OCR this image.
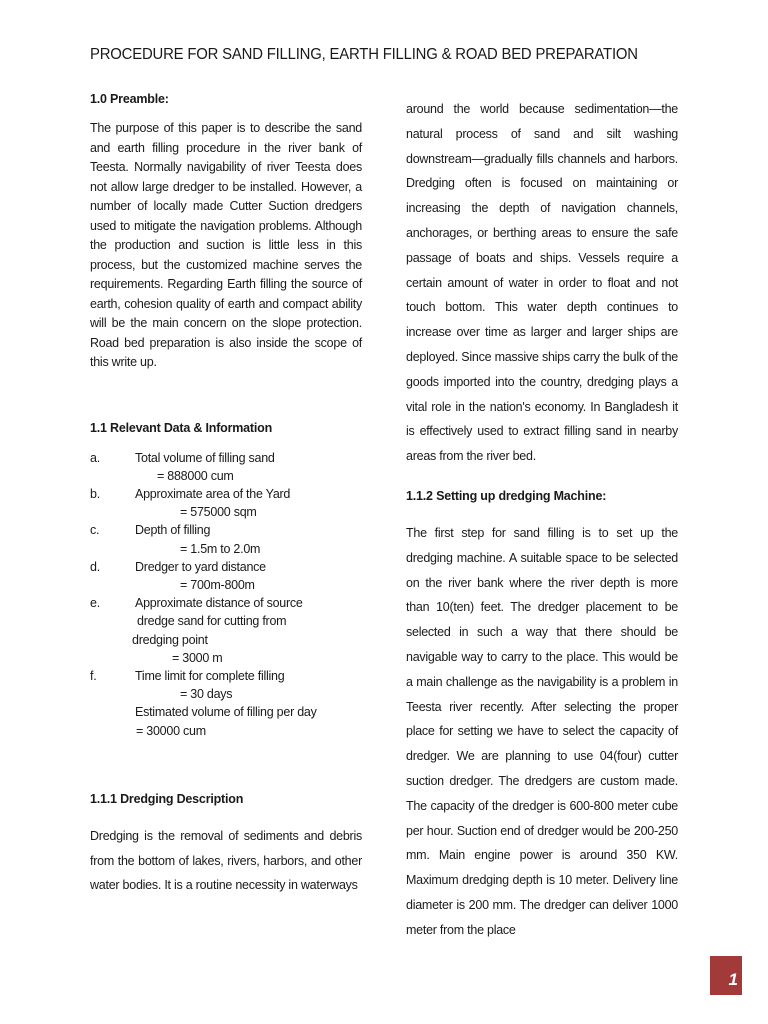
PROCEDURE FOR SAND FILLING, EARTH FILLING & ROAD BED PREPARATION

1.0 Preamble:

The purpose of this paper is to describe the sand and earth filling procedure in the river bank of Teesta. Normally navigability of river Teesta does not allow large dredger to be installed. However, a number of locally made Cutter Suction dredgers used to mitigate the navigation problems. Although the production and suction is little less in this process, but the customized machine serves the requirements. Regarding Earth filling the source of earth, cohesion quality of earth and compact ability will be the main concern on the slope protection. Road bed preparation is also inside the scope of this write up.

1.1 Relevant Data & Information

a.	Total volume of filling sand
= 888000 cum
b.	Approximate area of the Yard
= 575000 sqm
c.	Depth of filling
= 1.5m to 2.0m
d.	Dredger to yard distance
= 700m-800m
e.	Approximate distance of source
dredge sand for cutting from
dredging point
= 3000 m
f.	Time limit for complete filling
= 30 days
Estimated volume of filling per day
= 30000 cum

1.1.1 Dredging Description

Dredging is the removal of sediments and debris from the bottom of lakes, rivers, harbors, and other water bodies. It is a routine necessity in waterways

around the world because sedimentation—the natural process of sand and silt washing downstream—gradually fills channels and harbors. Dredging often is focused on maintaining or increasing the depth of navigation channels, anchorages, or berthing areas to ensure the safe passage of boats and ships. Vessels require a certain amount of water in order to float and not touch bottom. This water depth continues to increase over time as larger and larger ships are deployed. Since massive ships carry the bulk of the goods imported into the country, dredging plays a vital role in the nation's economy. In Bangladesh it is effectively used to extract filling sand in nearby areas from the river bed.

1.1.2 Setting up dredging Machine:

The first step for sand filling is to set up the dredging machine. A suitable space to be selected on the river bank where the river depth is more than 10(ten) feet. The dredger placement to be selected in such a way that there should be navigable way to carry to the place. This would be a main challenge as the navigability is a problem in Teesta river recently. After selecting the proper place for setting we have to select the capacity of dredger. We are planning to use 04(four) cutter suction dredger. The dredgers are custom made. The capacity of the dredger is 600-800 meter cube per hour. Suction end of dredger would be 200-250 mm. Main engine power is around 350 KW. Maximum dredging depth is 10 meter. Delivery line diameter is 200 mm. The dredger can deliver 1000 meter from the place

1
